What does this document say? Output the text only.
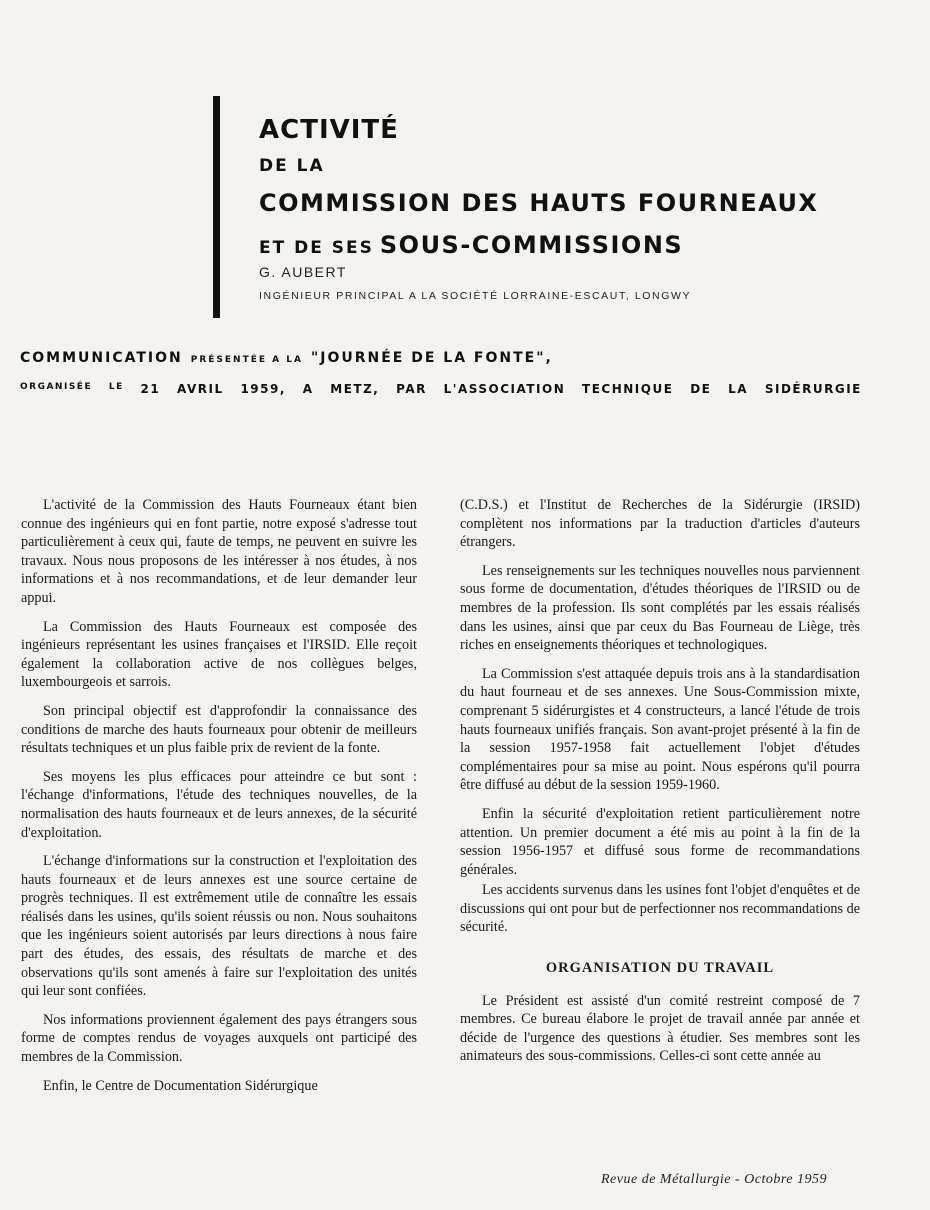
ACTIVITÉ
DE LA
COMMISSION DES HAUTS FOURNEAUX
ET DE SES SOUS-COMMISSIONS
G. AUBERT
INGÉNIEUR PRINCIPAL A LA SOCIÉTÉ LORRAINE-ESCAUT, LONGWY
COMMUNICATION PRÉSENTÉE A LA "JOURNÉE DE LA FONTE",
ORGANISÉE LE 21 AVRIL 1959, A METZ, PAR L'ASSOCIATION TECHNIQUE DE LA SIDÉRURGIE

L'activité de la Commission des Hauts Fourneaux étant bien connue des ingénieurs qui en font partie, notre exposé s'adresse tout particulièrement à ceux qui, faute de temps, ne peuvent en suivre les travaux. Nous nous proposons de les intéresser à nos études, à nos informations et à nos recommandations, et de leur demander leur appui.

La Commission des Hauts Fourneaux est composée des ingénieurs représentant les usines françaises et l'IRSID. Elle reçoit également la collaboration active de nos collègues belges, luxembourgeois et sarrois.

Son principal objectif est d'approfondir la connaissance des conditions de marche des hauts fourneaux pour obtenir de meilleurs résultats techniques et un plus faible prix de revient de la fonte.

Ses moyens les plus efficaces pour atteindre ce but sont : l'échange d'informations, l'étude des techniques nouvelles, de la normalisation des hauts fourneaux et de leurs annexes, de la sécurité d'exploitation.

L'échange d'informations sur la construction et l'exploitation des hauts fourneaux et de leurs annexes est une source certaine de progrès techniques. Il est extrêmement utile de connaître les essais réalisés dans les usines, qu'ils soient réussis ou non. Nous souhaitons que les ingénieurs soient autorisés par leurs directions à nous faire part des études, des essais, des résultats de marche et des observations qu'ils sont amenés à faire sur l'exploitation des unités qui leur sont confiées.

Nos informations proviennent également des pays étrangers sous forme de comptes rendus de voyages auxquels ont participé des membres de la Commission.

Enfin, le Centre de Documentation Sidérurgique

(C.D.S.) et l'Institut de Recherches de la Sidérurgie (IRSID) complètent nos informations par la traduction d'articles d'auteurs étrangers.

Les renseignements sur les techniques nouvelles nous parviennent sous forme de documentation, d'études théoriques de l'IRSID ou de membres de la profession. Ils sont complétés par les essais réalisés dans les usines, ainsi que par ceux du Bas Fourneau de Liège, très riches en enseignements théoriques et technologiques.

La Commission s'est attaquée depuis trois ans à la standardisation du haut fourneau et de ses annexes. Une Sous-Commission mixte, comprenant 5 sidérurgistes et 4 constructeurs, a lancé l'étude de trois hauts fourneaux unifiés français. Son avant-projet présenté à la fin de la session 1957-1958 fait actuellement l'objet d'études complémentaires pour sa mise au point. Nous espérons qu'il pourra être diffusé au début de la session 1959-1960.

Enfin la sécurité d'exploitation retient particulièrement notre attention. Un premier document a été mis au point à la fin de la session 1956-1957 et diffusé sous forme de recommandations générales.

Les accidents survenus dans les usines font l'objet d'enquêtes et de discussions qui ont pour but de perfectionner nos recommandations de sécurité.

ORGANISATION DU TRAVAIL

Le Président est assisté d'un comité restreint composé de 7 membres. Ce bureau élabore le projet de travail année par année et décide de l'urgence des questions à étudier. Ses membres sont les animateurs des sous-commissions. Celles-ci sont cette année au

Revue de Métallurgie - Octobre 1959
